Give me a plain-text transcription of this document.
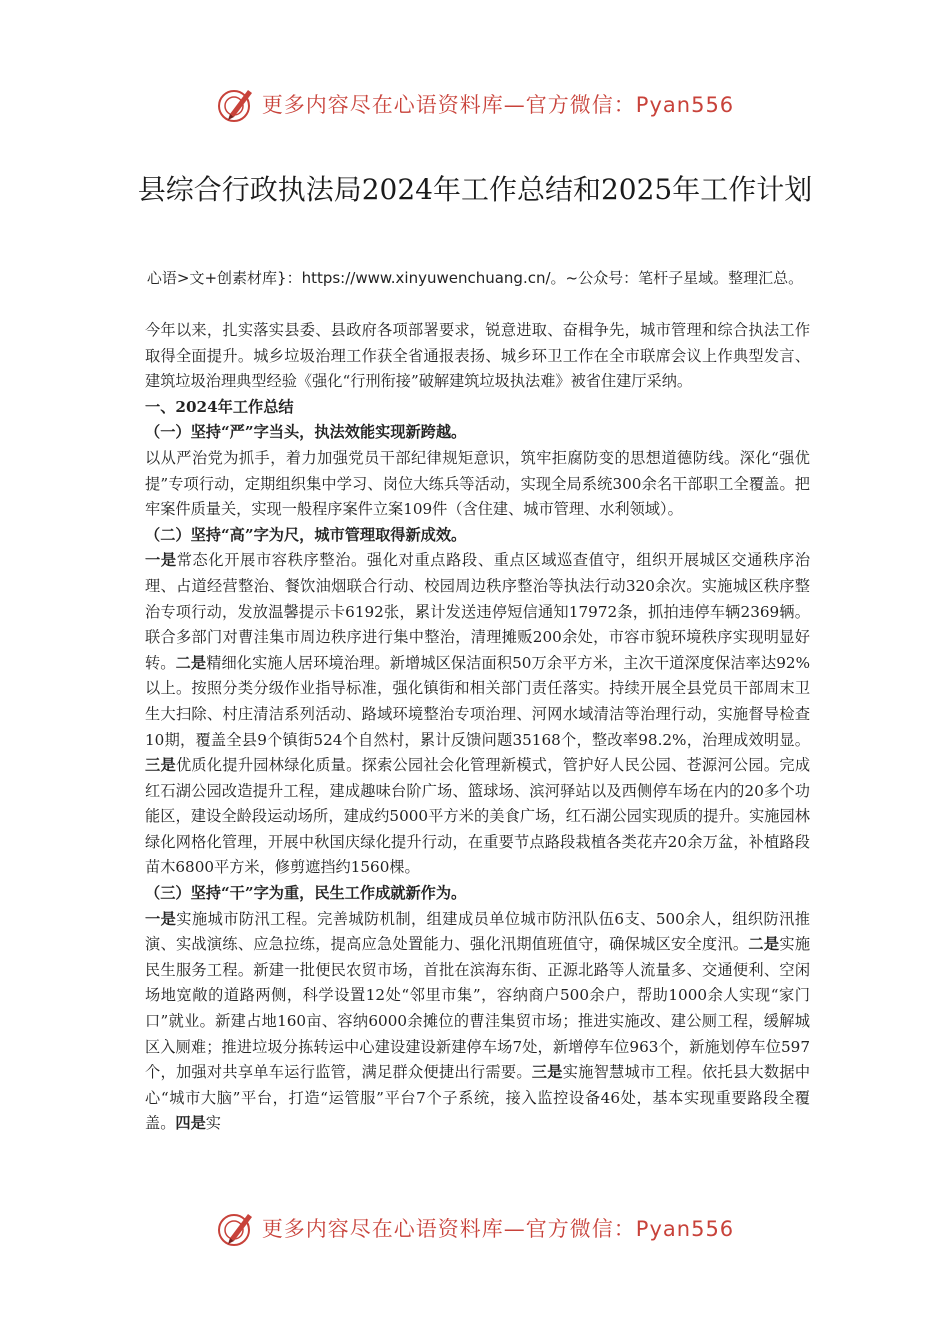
更多内容尽在心语资料库—官方微信：Pyan556
县综合行政执法局2024年工作总结和2025年工作计划
心语>文+创素材库}：https://www.xinyuwenchuang.cn/。~公众号：笔杆子星域。整理汇总。

今年以来，扎实落实县委、县政府各项部署要求，锐意进取、奋楫争先，城市管理和综合执法工作取得全面提升。城乡垃圾治理工作获全省通报表扬、城乡环卫工作在全市联席会议上作典型发言、建筑垃圾治理典型经验《强化“行刑衔接”破解建筑垃圾执法难》被省住建厅采纳。

一、2024年工作总结

（一）坚持“严”字当头，执法效能实现新跨越。

以从严治党为抓手，着力加强党员干部纪律规矩意识，筑牢拒腐防变的思想道德防线。深化“强优提”专项行动，定期组织集中学习、岗位大练兵等活动，实现全局系统300余名干部职工全覆盖。把牢案件质量关，实现一般程序案件立案109件（含住建、城市管理、水利领域）。

（二）坚持“高”字为尺，城市管理取得新成效。

一是常态化开展市容秩序整治。强化对重点路段、重点区域巡查值守，组织开展城区交通秩序治理、占道经营整治、餐饮油烟联合行动、校园周边秩序整治等执法行动320余次。实施城区秩序整治专项行动，发放温馨提示卡6192张，累计发送违停短信通知17972条，抓拍违停车辆2369辆。联合多部门对曹洼集市周边秩序进行集中整治，清理摊贩200余处，市容市貌环境秩序实现明显好转。二是精细化实施人居环境治理。新增城区保洁面积50万余平方米，主次干道深度保洁率达92%以上。按照分类分级作业指导标准，强化镇街和相关部门责任落实。持续开展全县党员干部周末卫生大扫除、村庄清洁系列活动、路域环境整治专项治理、河网水域清洁等治理行动，实施督导检查10期，覆盖全县9个镇街524个自然村，累计反馈问题35168个，整改率98.2%，治理成效明显。三是优质化提升园林绿化质量。探索公园社会化管理新模式，管护好人民公园、苍源河公园。完成红石湖公园改造提升工程，建成趣味台阶广场、篮球场、滨河驿站以及西侧停车场在内的20多个功能区，建设全龄段运动场所，建成约5000平方米的美食广场，红石湖公园实现质的提升。实施园林绿化网格化管理，开展中秋国庆绿化提升行动，在重要节点路段栽植各类花卉20余万盆，补植路段苗木6800平方米，修剪遮挡约1560棵。

（三）坚持“干”字为重，民生工作成就新作为。

一是实施城市防汛工程。完善城防机制，组建成员单位城市防汛队伍6支、500余人，组织防汛推演、实战演练、应急拉练，提高应急处置能力、强化汛期值班值守，确保城区安全度汛。二是实施民生服务工程。新建一批便民农贸市场，首批在滨海东街、正源北路等人流量多、交通便利、空闲场地宽敞的道路两侧，科学设置12处“邻里市集”，容纳商户500余户，帮助1000余人实现“家门口”就业。新建占地160亩、容纳6000余摊位的曹洼集贸市场；推进实施改、建公厕工程，缓解城区入厕难；推进垃圾分拣转运中心建设建设新建停车场7处，新增停车位963个，新施划停车位597个，加强对共享单车运行监管，满足群众便捷出行需要。三是实施智慧城市工程。依托县大数据中心“城市大脑”平台，打造“运管服”平台7个子系统，接入监控设备46处，基本实现重要路段全覆盖。四是实

更多内容尽在心语资料库—官方微信：Pyan556
